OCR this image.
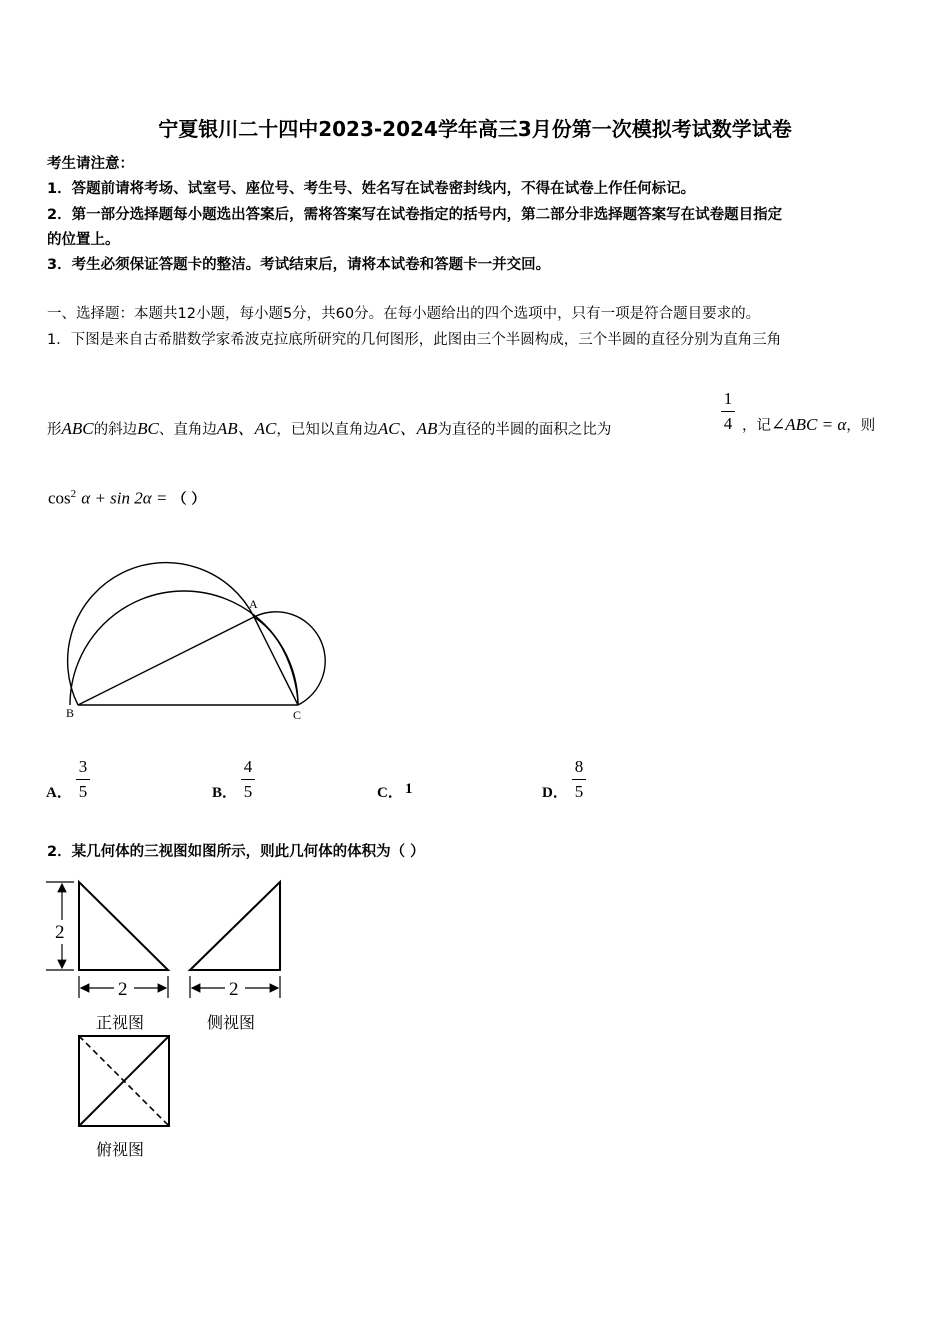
宁夏银川二十四中2023-2024学年高三3月份第一次模拟考试数学试卷
考生请注意：
1．答题前请将考场、试室号、座位号、考生号、姓名写在试卷密封线内，不得在试卷上作任何标记。
2．第一部分选择题每小题选出答案后，需将答案写在试卷指定的括号内，第二部分非选择题答案写在试卷题目指定
的位置上。
3．考生必须保证答题卡的整洁。考试结束后，请将本试卷和答题卡一并交回。
一、选择题：本题共12小题，每小题5分，共60分。在每小题给出的四个选项中，只有一项是符合题目要求的。
1．下图是来自古希腊数学家希波克拉底所研究的几何图形，此图由三个半圆构成，三个半圆的直径分别为直角三角
形ABC的斜边BC、直角边AB、AC，已知以直角边AC、AB为直径的半圆的面积之比为
1
4 ，记∠ABC = α，则
$\cos^2 \alpha + \sin 2\alpha$ = （ ）
A
B	C
A．
3
5	B．
4
5	C． 1	D．
8
5
2．某几何体的三视图如图所示，则此几何体的体积为（ ）
2
2	2
正视图	侧视图
俯视图
